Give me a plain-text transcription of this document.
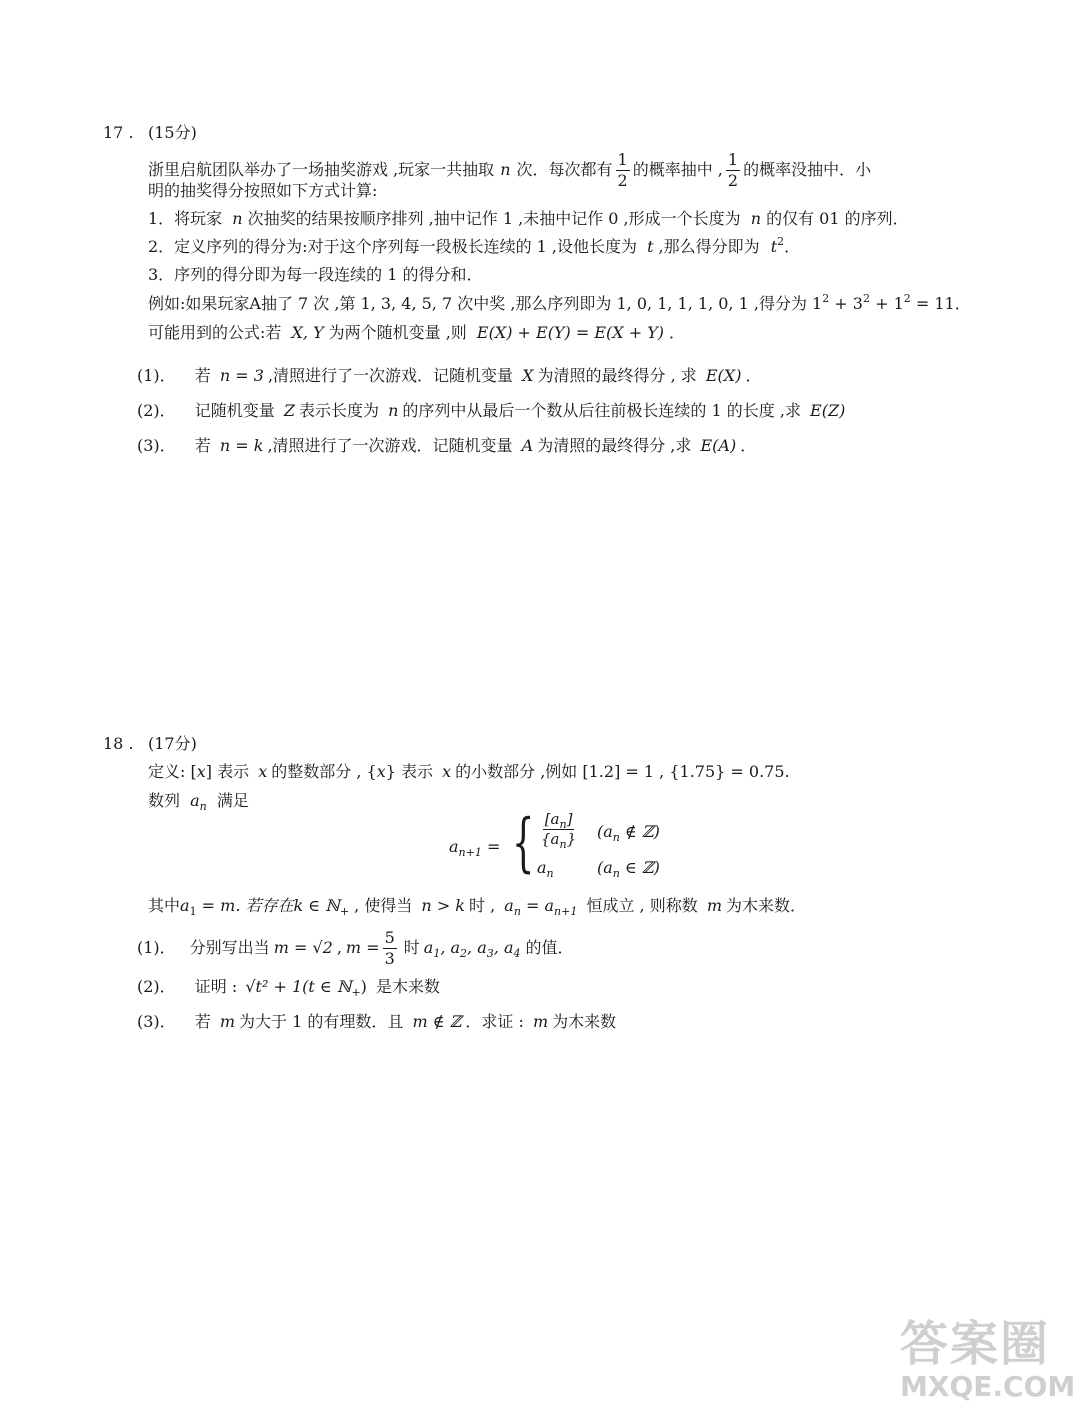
17 . (15分)
浙里启航团队举办了一场抽奖游戏 ,玩家一共抽取 n 次．每次都有 $\frac{1}{2}$ 的概率抽中 , $\frac{1}{2}$ 的概率没抽中．小
明的抽奖得分按照如下方式计算:
1．将玩家 n 次抽奖的结果按顺序排列 ,抽中记作 1 ,未抽中记作 0 ,形成一个长度为 n 的仅有 01 的序列．
2．定义序列的得分为:对于这个序列每一段极长连续的 1 ,设他长度为 t ,那么得分即为 $t^2$．
3．序列的得分即为每一段连续的 1 的得分和．
例如:如果玩家A抽了 7 次 ,第 1, 3, 4, 5, 7 次中奖 ,那么序列即为 1, 0, 1, 1, 1, 0, 1 ,得分为 $1^2 + 3^2 + 1^2 = 11$．
可能用到的公式:若 X, Y 为两个随机变量 ,则 E(X) + E(Y) = E(X + Y) ．
(1)． 若 n = 3 ,清照进行了一次游戏．记随机变量 X 为清照的最终得分 , 求 E(X) ．
(2)． 记随机变量 Z 表示长度为 n 的序列中从最后一个数从后往前极长连续的 1 的长度 ,求 E(Z)
(3)． 若 n = k ,清照进行了一次游戏．记随机变量 A 为清照的最终得分 ,求 E(A) ．
18 . (17分)
定义: [x] 表示 x 的整数部分 , {x} 表示 x 的小数部分 ,例如 [1.2] = 1 , {1.75} = 0.75.
数列 $a_n$ 满足
$a_{n+1}$ = { $\frac{[a_n]}{\{a_n\}} (a_n$ ∉ ℤ)
$a_n$	($a_n$ ∈ ℤ)
其中$a_1 = m$. 若存在k ∈ ℕ$_+$ , 使得当 n > k 时 , $a_n = a_{n+1}$ 恒成立 , 则称数 m 为木来数．
(1)． 分别写出当 m = √2 , $m = \frac{5}{3}$ 时 $a_1$, $a_2$, $a_3$, $a_4$ 的值．
(2)． 证明 : √t² + 1(t ∈ ℕ$_+$) 是木来数
(3)． 若 m 为大于 1 的有理数．且 m ∉ ℤ ．求证 : m 为木来数
答案圈
MXQE.COM
